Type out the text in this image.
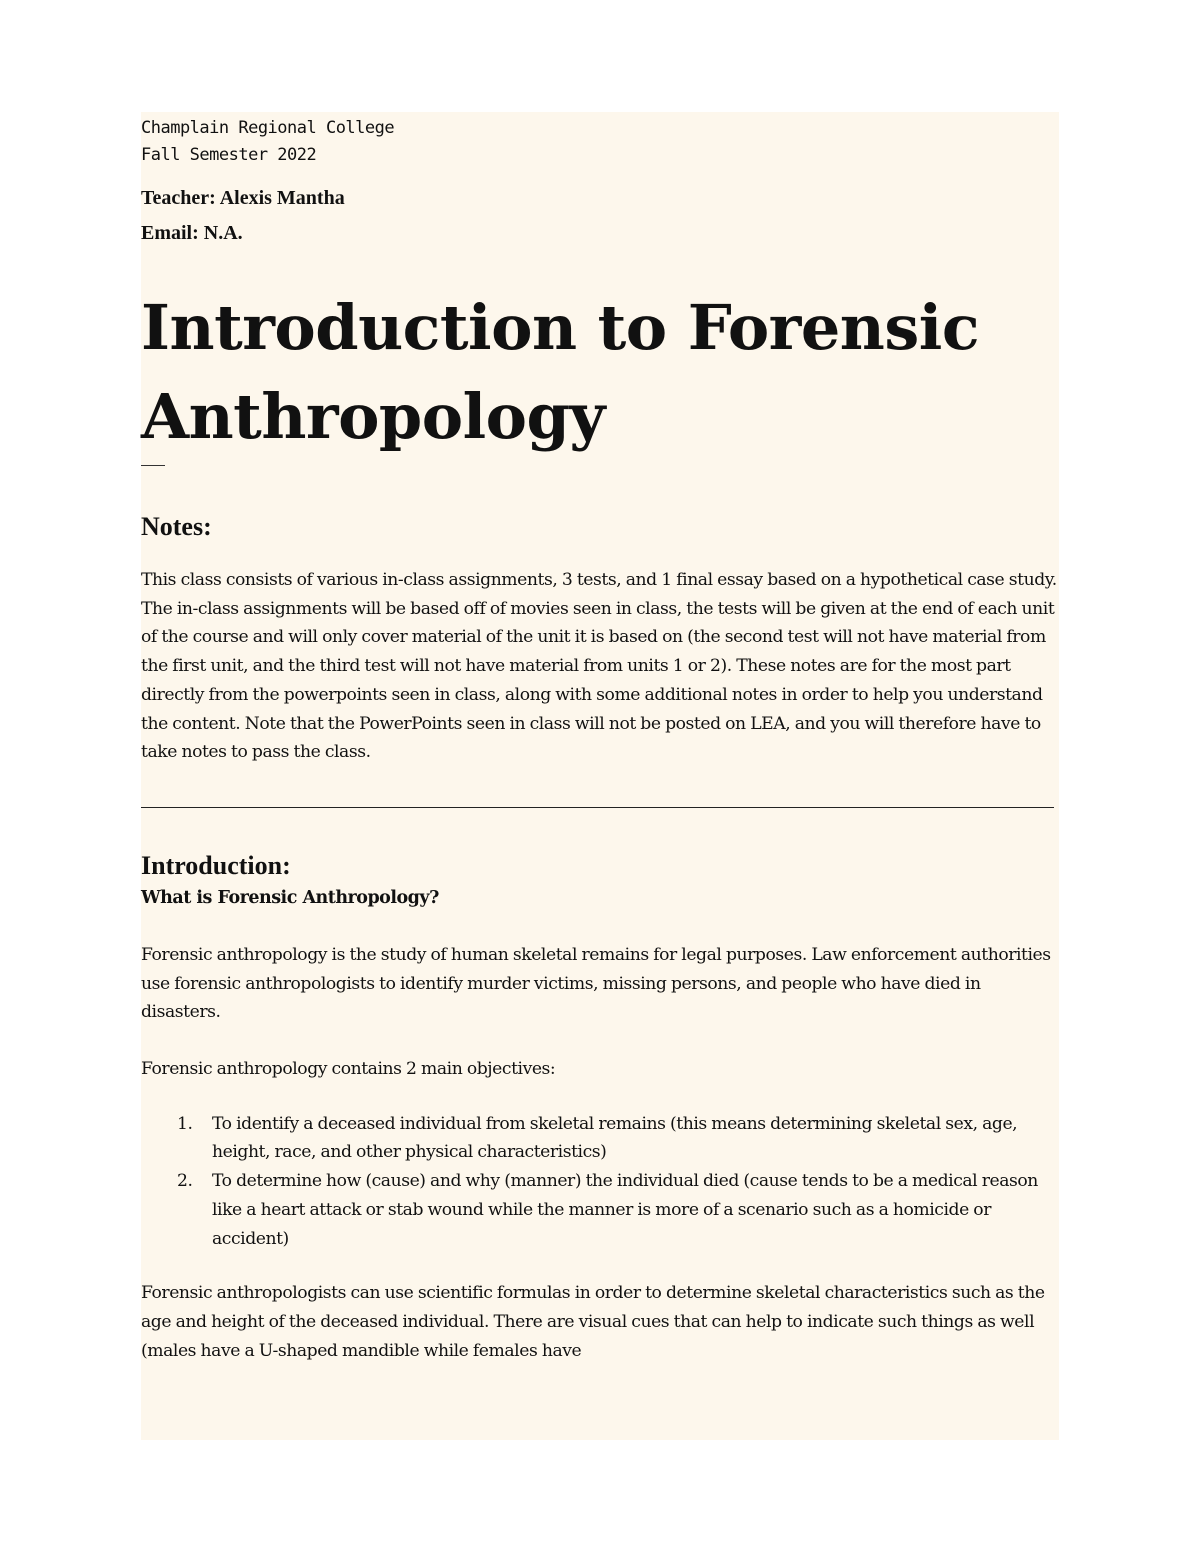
Champlain Regional College

Fall Semester 2022

Teacher: Alexis Mantha

Email: N.A.

Introduction to Forensic
Anthropology
Notes:

This class consists of various in-class assignments, 3 tests, and 1 final essay based on a hypothetical case study. The in-class assignments will be based off of movies seen in class, the tests will be given at the end of each unit of the course and will only cover material of the unit it is based on (the second test will not have material from the first unit, and the third test will not have material from units 1 or 2). These notes are for the most part directly from the powerpoints seen in class, along with some additional notes in order to help you understand the content. Note that the PowerPoints seen in class will not be posted on LEA, and you will therefore have to take notes to pass the class.

Introduction:
What is Forensic Anthropology?

Forensic anthropology is the study of human skeletal remains for legal purposes. Law enforcement authorities use forensic anthropologists to identify murder victims, missing persons, and people who have died in disasters.

Forensic anthropology contains 2 main objectives:

1. To identify a deceased individual from skeletal remains (this means determining skeletal sex, age, height, race, and other physical characteristics)
2. To determine how (cause) and why (manner) the individual died (cause tends to be a medical reason like a heart attack or stab wound while the manner is more of a scenario such as a homicide or accident)

Forensic anthropologists can use scientific formulas in order to determine skeletal characteristics such as the age and height of the deceased individual. There are visual cues that can help to indicate such things as well (males have a U-shaped mandible while females have
